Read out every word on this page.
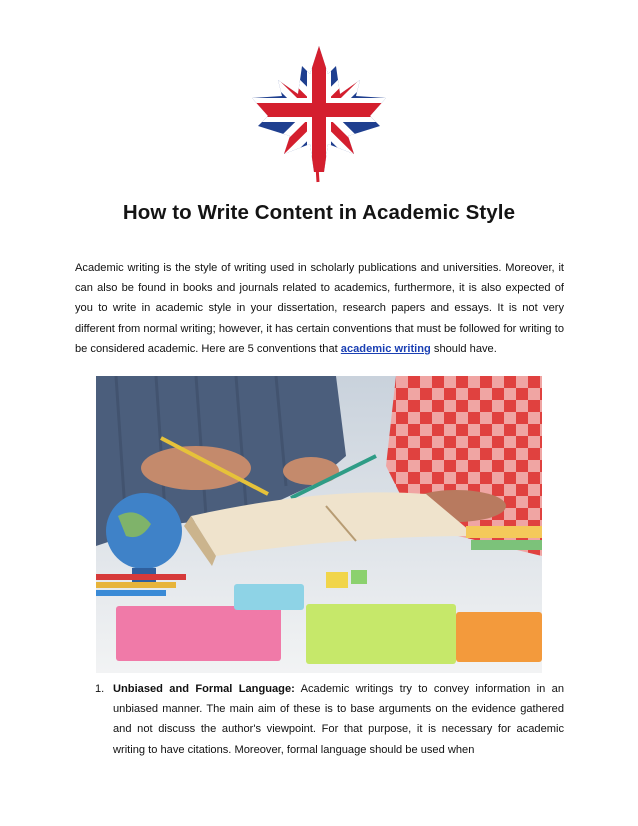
How to Write Content in Academic Style

Academic writing is the style of writing used in scholarly publications and universities. Moreover, it can also be found in books and journals related to academics, furthermore, it is also expected of you to write in academic style in your dissertation, research papers and essays. It is not very different from normal writing; however, it has certain conventions that must be followed for writing to be considered academic. Here are 5 conventions that academic writing should have.

1. Unbiased and Formal Language: Academic writings try to convey information in an unbiased manner. The main aim of these is to base arguments on the evidence gathered and not discuss the author's viewpoint. For that purpose, it is necessary for academic writing to have citations. Moreover, formal language should be used when
